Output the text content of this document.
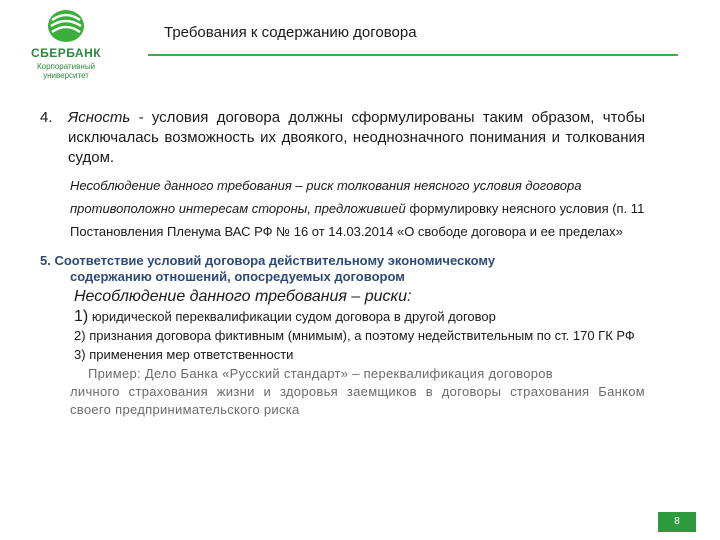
СБЕРБАНК
Корпоративный университет
Требования к содержанию договора

4. Ясность - условия договора должны сформулированы таким образом, чтобы исключалась возможность их двоякого, неоднозначного понимания и толкования судом.

Несоблюдение данного требования – риск толкования неясного условия договора противоположно интересам стороны, предложившей формулировку неясного условия (п. 11 Постановления Пленума ВАС РФ № 16 от 14.03.2014 «О свободе договора и ее пределах»
5. Соответствие условий договора действительному экономическому
содержанию отношений, опосредуемых договором
Несоблюдение данного требования – риски:
1) юридической переквалификации судом договора в другой договор
2) признания договора фиктивным (мнимым), а поэтому недействительным по ст. 170 ГК РФ
3) применения мер ответственности
Пример: Дело Банка «Русский стандарт» – переквалификация договоров
личного страхования жизни и здоровья заемщиков в договоры страхования Банком своего предпринимательского риска
8
